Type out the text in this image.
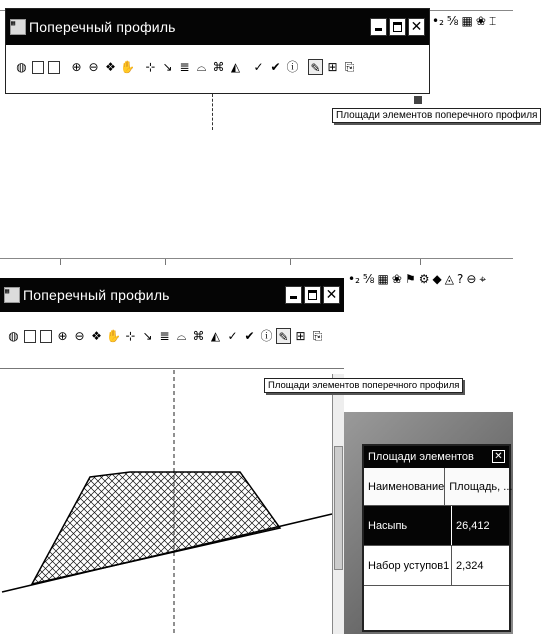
•₂ ⅝ ▦ ❀ ⌶
▦ Поперечный профиль	✕
◍	⊕ ⊖ ❖ ✋ ⊹ ↘ ≣ ⌓ ⌘ ◭ ✓ ✔ ⓘ ✎ ⊞ ⎘
Площади элементов поперечного профиля
•₂ ⅝ ▦ ❀ ⚑ ⚙ ◆ ◬ ? ⊖ ⌖
▦ Поперечный профиль	✕
◍	⊕ ⊖ ❖ ✋ ⊹ ↘ ≣ ⌓ ⌘ ◭ ✓ ✔ ⓘ ✎ ⊞ ⎘
Площади элементов поперечного профиля
Площади элементов ✕
Наименование Площадь, ...
Насыпь	26,412
Набор уступов1 2,324
